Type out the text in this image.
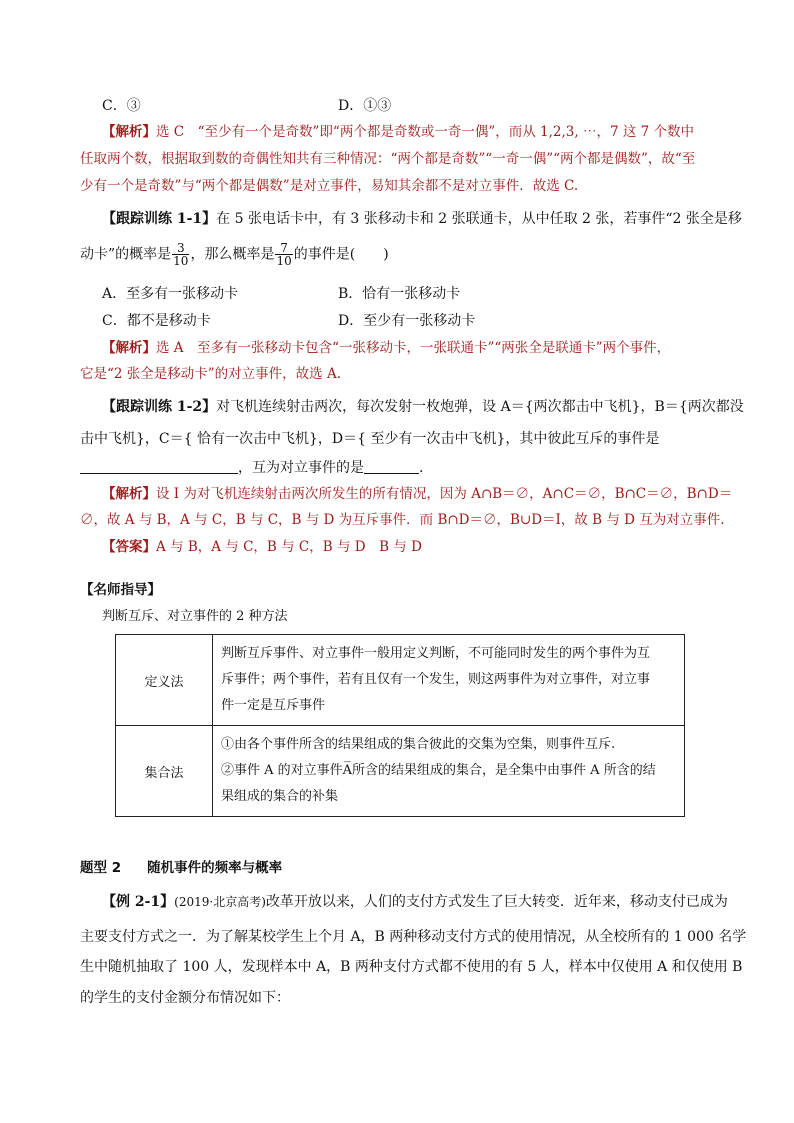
C．③	D．①③
【解析】选 C　“至少有一个是奇数”即“两个都是奇数或一奇一偶”，而从 1,2,3, ⋯，7 这 7 个数中
任取两个数，根据取到数的奇偶性知共有三种情况：“两个都是奇数”“一奇一偶”“两个都是偶数”，故“至
少有一个是奇数”与“两个都是偶数”是对立事件，易知其余都不是对立事件．故选 C.
【跟踪训练 1-1】在 5 张电话卡中，有 3 张移动卡和 2 张联通卡，从中任取 2 张，若事件“2 张全是移
动卡”的概率是 $\frac{3}{10}$ ，那么概率是 $\frac{7}{10}$ 的事件是(　　)
A．至多有一张移动卡	B．恰有一张移动卡
C．都不是移动卡	D．至少有一张移动卡
【解析】选 A　至多有一张移动卡包含“一张移动卡，一张联通卡”“两张全是联通卡”两个事件，
它是“2 张全是移动卡”的对立事件，故选 A.
【跟踪训练 1-2】对飞机连续射击两次，每次发射一枚炮弹，设 A＝{两次都击中飞机}，B＝{两次都没
击中飞机}，C＝{ 恰有一次击中飞机}，D＝{ 至少有一次击中飞机}，其中彼此互斥的事件是
，互为对立事件的是	.
【解析】设 I 为对飞机连续射击两次所发生的所有情况，因为 A∩B＝∅，A∩C＝∅，B∩C＝∅，B∩D＝
∅，故 A 与 B，A 与 C，B 与 C，B 与 D 为互斥事件．而 B∩D＝∅，B∪D＝I，故 B 与 D 互为对立事件.
【答案】A 与 B，A 与 C，B 与 C，B 与 D　B 与 D
【名师指导】
判断互斥、对立事件的 2 种方法
定义法	判断互斥事件、对立事件一般用定义判断，不可能同时发生的两个事件为互
斥事件；两个事件，若有且仅有一个发生，则这两事件为对立事件，对立事
件一定是互斥事件

集合法	①由各个事件所含的结果组成的集合彼此的交集为空集，则事件互斥.
②事件 A 的对立事件A̅所含的结果组成的集合，是全集中由事件 A 所含的结
果组成的集合的补集
题型 2 随机事件的频率与概率
【例 2-1】(2019·北京高考)改革开放以来，人们的支付方式发生了巨大转变．近年来，移动支付已成为
主要支付方式之一．为了解某校学生上个月 A，B 两种移动支付方式的使用情况，从全校所有的 1 000 名学
生中随机抽取了 100 人，发现样本中 A，B 两种支付方式都不使用的有 5 人，样本中仅使用 A 和仅使用 B
的学生的支付金额分布情况如下：
